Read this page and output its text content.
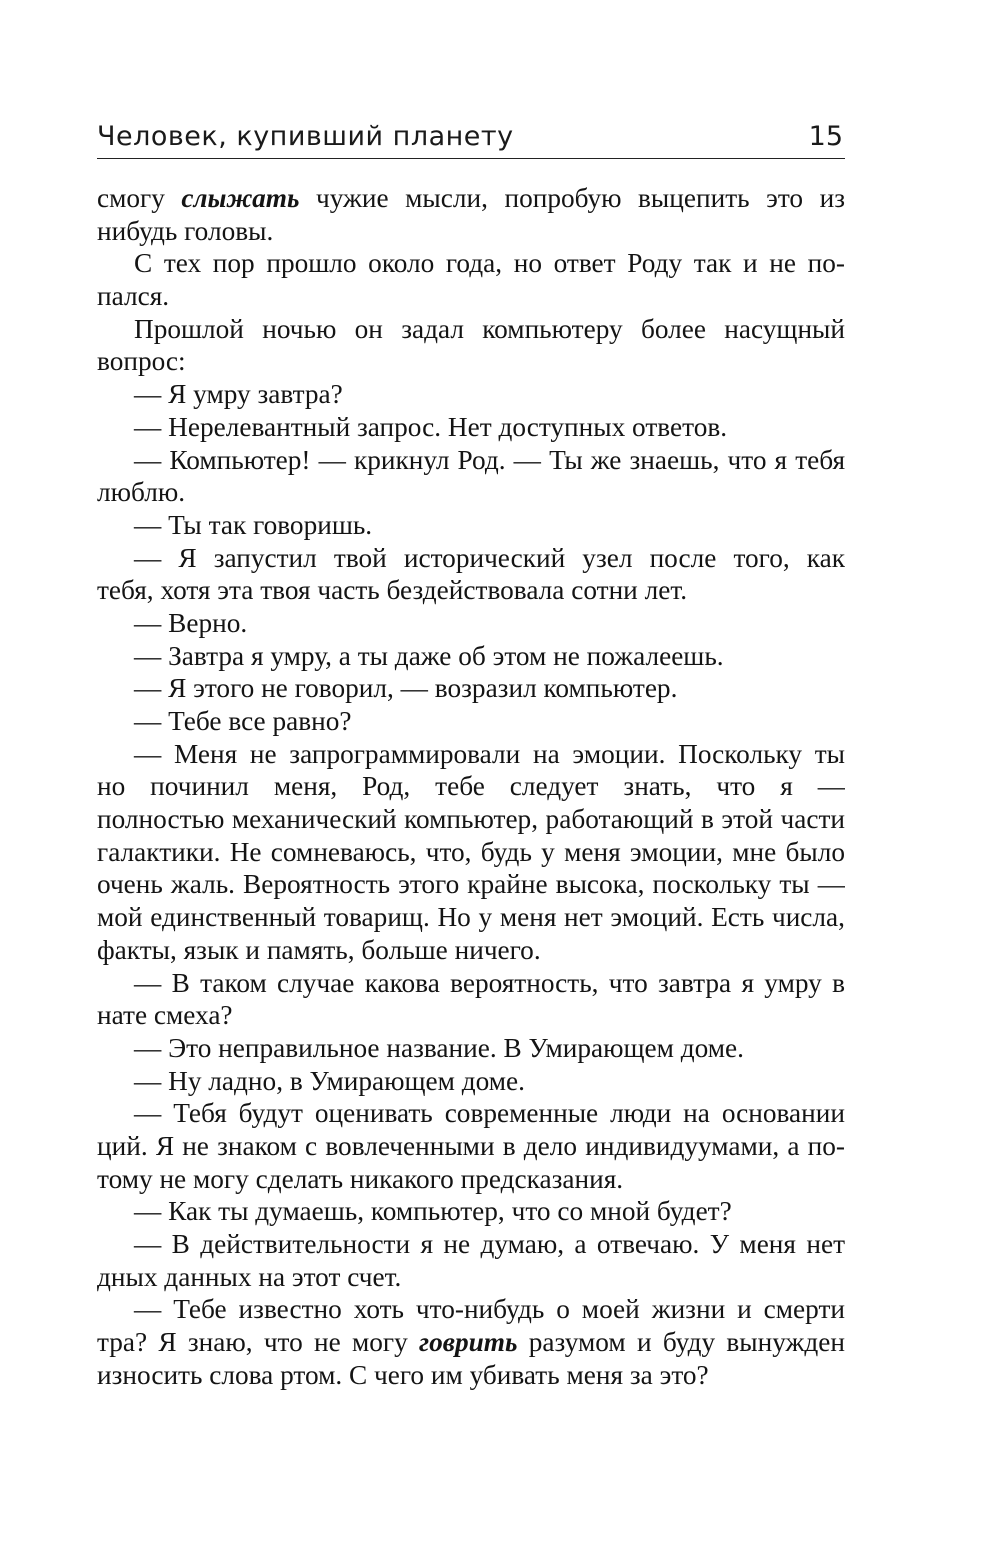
Человек, купивший планету	15
смогу слыжать чужие мысли, попробую выцепить это из
нибудь головы.
С тех пор прошло около года, но ответ Роду так и не по-
пался.
Прошлой ночью он задал компьютеру более насущный
вопрос:
— Я умру завтра?
— Нерелевантный запрос. Нет доступных ответов.
— Компьютер! — крикнул Род. — Ты же знаешь, что я тебя
люблю.
— Ты так говоришь.
— Я запустил твой исторический узел после того, как
тебя, хотя эта твоя часть бездействовала сотни лет.
— Верно.
— Завтра я умру, а ты даже об этом не пожалеешь.
— Я этого не говорил, — возразил компьютер.
— Тебе все равно?
— Меня не запрограммировали на эмоции. Поскольку ты
но починил меня, Род, тебе следует знать, что я —
полностью механический компьютер, работающий в этой части
галактики. Не сомневаюсь, что, будь у меня эмоции, мне было
очень жаль. Вероятность этого крайне высока, поскольку ты —
мой единственный товарищ. Но у меня нет эмоций. Есть числа,
факты, язык и память, больше ничего.
— В таком случае какова вероятность, что завтра я умру в
нате смеха?
— Это неправильное название. В Умирающем доме.
— Ну ладно, в Умирающем доме.
— Тебя будут оценивать современные люди на основании
ций. Я не знаком с вовлеченными в дело индивидуумами, а по-
тому не могу сделать никакого предсказания.
— Как ты думаешь, компьютер, что со мной будет?
— В действительности я не думаю, а отвечаю. У меня нет
дных данных на этот счет.
— Тебе известно хоть что-нибудь о моей жизни и смерти
тра? Я знаю, что не могу говрить разумом и буду вынужден
износить слова ртом. С чего им убивать меня за это?
